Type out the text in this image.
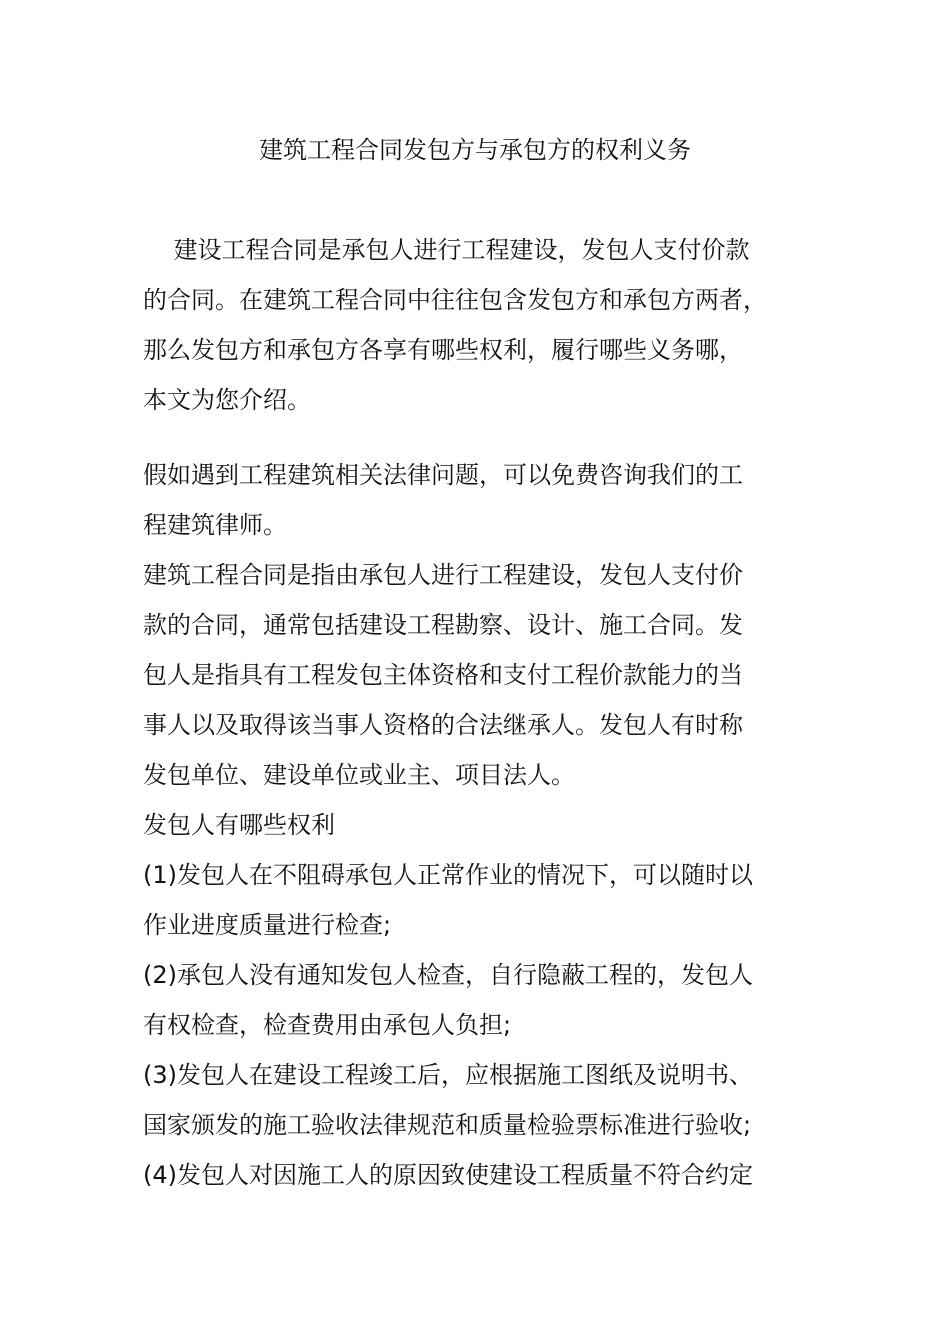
建筑工程合同发包方与承包方的权利义务
建设工程合同是承包人进行工程建设，发包人支付价款
的合同。在建筑工程合同中往往包含发包方和承包方两者，
那么发包方和承包方各享有哪些权利，履行哪些义务哪，
本文为您介绍。
假如遇到工程建筑相关法律问题，可以免费咨询我们的工
程建筑律师。
建筑工程合同是指由承包人进行工程建设，发包人支付价
款的合同，通常包括建设工程勘察、设计、施工合同。发
包人是指具有工程发包主体资格和支付工程价款能力的当
事人以及取得该当事人资格的合法继承人。发包人有时称
发包单位、建设单位或业主、项目法人。
发包人有哪些权利
(1)发包人在不阻碍承包人正常作业的情况下，可以随时以
作业进度质量进行检查;
(2)承包人没有通知发包人检查，自行隐蔽工程的，发包人
有权检查，检查费用由承包人负担;
(3)发包人在建设工程竣工后，应根据施工图纸及说明书、
国家颁发的施工验收法律规范和质量检验票标准进行验收;
(4)发包人对因施工人的原因致使建设工程质量不符合约定
